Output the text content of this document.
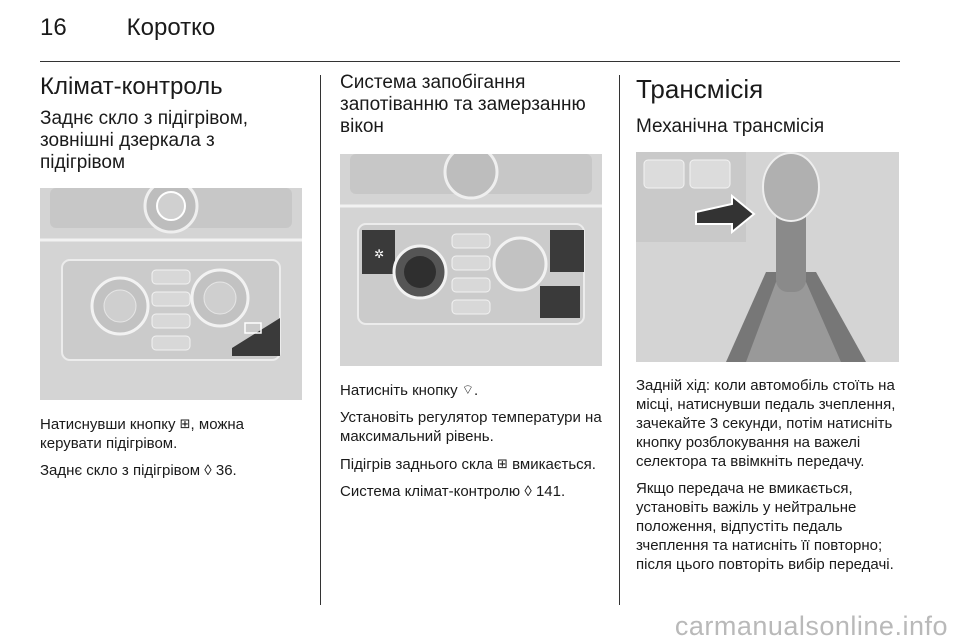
16 Коротко
Клімат-контроль
Заднє скло з підігрівом, зовнішні дзеркала з підігрівом
Натиснувши кнопку ⊞, можна керувати підігрівом.
Заднє скло з підігрівом ◊ 36.
Система запобігання запотіванню та замерзанню вікон
✲
Натисніть кнопку ⌔.
Установіть регулятор температури на максимальний рівень.
Підігрів заднього скла ⊞ вмикається.
Система клімат-контролю ◊ 141.
Трансмісія
Механічна трансмісія
Задній хід: коли автомобіль стоїть на місці, натиснувши педаль зчеплення, зачекайте 3 секунди, потім натисніть кнопку розблокування на важелі селектора та ввімкніть передачу.
Якщо передача не вмикається, установіть важіль у нейтральне положення, відпустіть педаль зчеплення та натисніть її повторно; після цього повторіть вибір передачі.
carmanualsonline.info
